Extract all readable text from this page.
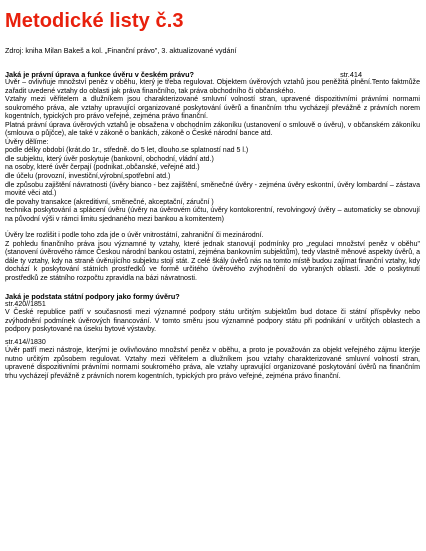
Metodické listy č.3
Zdroj: kniha Milan Bakeš a kol. „Finanční právo", 3. aktualizované vydání
Jaká je právní úprava a funkce úvěru v českém právu?	str.414

Úvěr – ovlivňuje množství peněz v oběhu, který je třeba regulovat. Objektem úvěrových vztahů jsou peněžitá plnění.Tento faktmůže zařadit uvedené vztahy do oblasti jak práva finančního, tak práva obchodního či občanského.

Vztahy mezi věřitelem a dlužníkem jsou charakterizované smluvní volností stran, upravené dispozitivními právními normami soukromého práva, ale vztahy upravující organizované poskytování úvěrů a finančním trhu vycházejí převážně z právních norem kogentních, typických pro právo veřejné, zejména právo finanční.

Platná právní úprava úvěrových vztahů je obsažena v obchodním zákoníku (ustanovení o smlouvě o úvěru), v občanském zákoníku (smlouva o půjčce), ale také v zákoně o bankách, zákoně o České národní bance atd.

Úvěry dělíme:

podle délky období (krát.do 1r., středně. do 5 let, dlouho.se splatností nad 5 l.)

dle subjektu, který úvěr poskytuje (bankovní, obchodní, vládní atd.)

na osoby, které úvěr čerpají (podnikat.,občanské, veřejné atd.)

dle účelu (provozní, investiční,výrobní,spotřební atd.)

dle způsobu zajištění návratnosti (úvěry bianco - bez zajištění, směnečné úvěry - zejména úvěry eskontní, úvěry lombardní – zástava movité věci atd.)

dle povahy transakce (akreditivní, směnečné, akceptační, záruční )

technika poskytování a splácení úvěru (úvěry na úvěrovém účtu, úvěry kontokorentní, revolvingový úvěry – automaticky se obnovují na původní výši v rámci limitu sjednaného mezi bankou a komitentem)

Úvěry lze rozlišit i podle toho zda jde o úvěr vnitrostátní, zahraniční či mezinárodní.

Z pohledu finančního práva jsou významné ty vztahy, které jednak stanovují podmínky pro „regulaci množství peněz v oběhu" (stanovení úvěrového rámce Českou národní bankou ostatní, zejména bankovním subjektům), tedy vlastně měnové aspekty úvěrů, a dále ty vztahy, kdy na straně úvěrujícího subjektu stojí stát. Z celé škály úvěrů nás na tomto místě budou zajímat finanční vztahy, kdy dochází k poskytování státních prostředků ve formě určitého úvěrového zvýhodnění do vybraných oblastí. Jde o poskytnutí prostředků ze státního rozpočtu zpravidla na bázi návratnosti.

Jaká je podstata státní podpory jako formy úvěru?

str.420//1851

V České republice patří v současnosti mezi významné podpory státu určitým subjektům bud dotace či státní příspěvky nebo zvýhodnění podmínek úvěrových financování. V tomto směru jsou významné podpory státu při podnikání v určitých oblastech a podpory poskytované na úseku bytové výstavby.

str.414//1830

Úvěr patří mezi nástroje, kterými je ovlivňováno množství peněz v oběhu, a proto je považován za objekt veřejného zájmu kterýje nutno určitým způsobem regulovat. Vztahy mezi věřitelem a dlužníkem jsou vztahy charakterizované smluvní volností stran, upravené dispozitivními právními normami soukromého práva, ale vztahy upravující organizované poskytování úvěrů na finančním trhu vycházejí převážně z právních norem kogentních, typických pro právo veřejné, zejména právo finanční.
